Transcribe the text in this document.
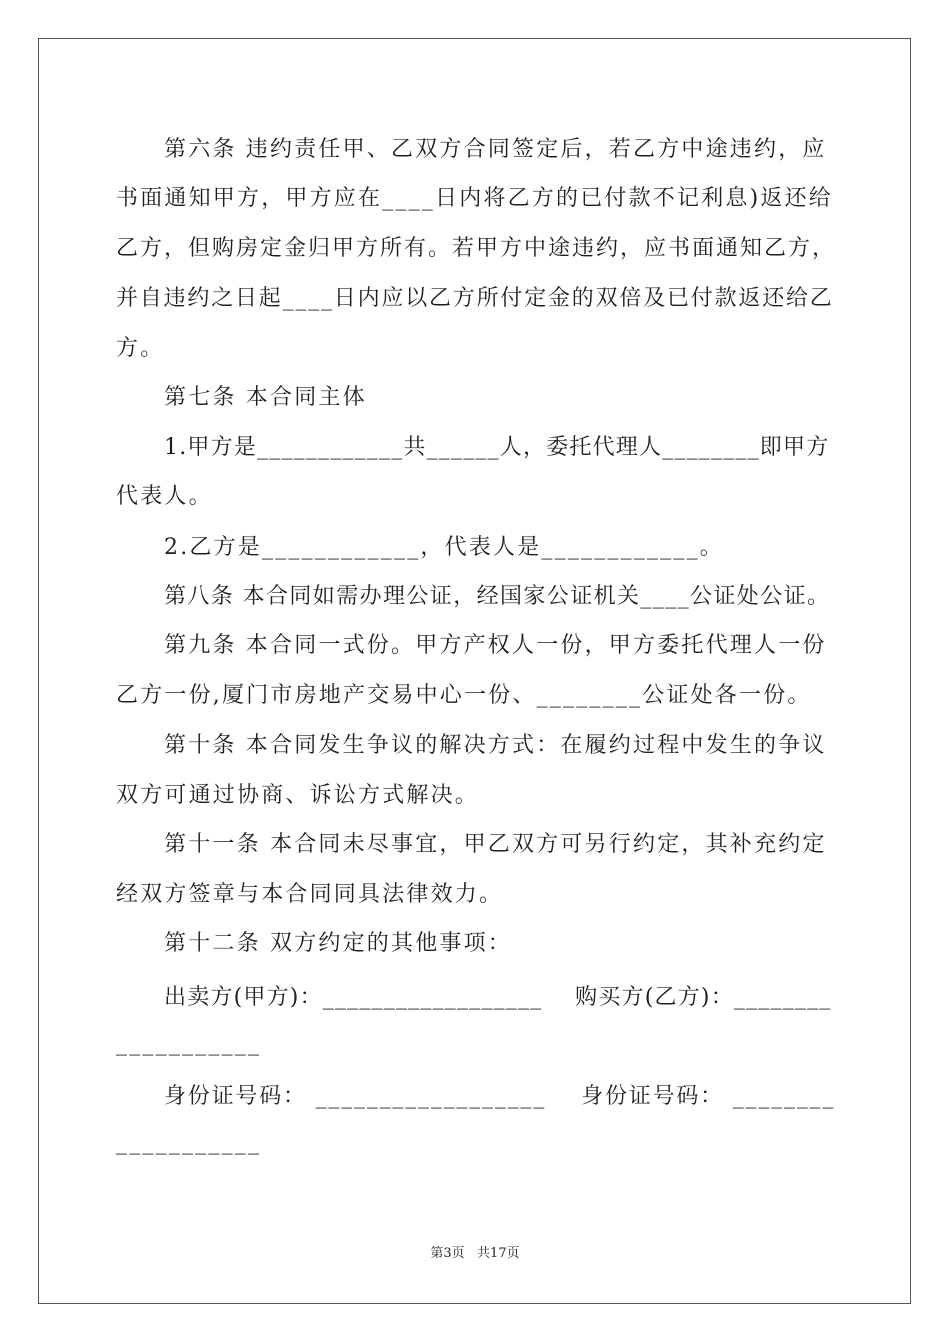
第六条 违约责任甲、乙双方合同签定后，若乙方中途违约，应
书面通知甲方，甲方应在____日内将乙方的已付款不记利息)返还给
乙方，但购房定金归甲方所有。若甲方中途违约，应书面通知乙方，
并自违约之日起____日内应以乙方所付定金的双倍及已付款返还给乙
方。
第七条 本合同主体
1.甲方是____________共______人，委托代理人________即甲方
代表人。
2.乙方是____________，代表人是____________。
第八条 本合同如需办理公证，经国家公证机关____公证处公证。
第九条 本合同一式份。甲方产权人一份，甲方委托代理人一份
乙方一份,厦门市房地产交易中心一份、________公证处各一份。
第十条 本合同发生争议的解决方式：在履约过程中发生的争议
双方可通过协商、诉讼方式解决。
第十一条 本合同未尽事宜，甲乙双方可另行约定，其补充约定
经双方签章与本合同同具法律效力。
第十二条 双方约定的其他事项：
出卖方(甲方)：__________________    购买方(乙方)：________
___________
身份证号码： __________________    身份证号码： ________
___________
第3页   共17页
